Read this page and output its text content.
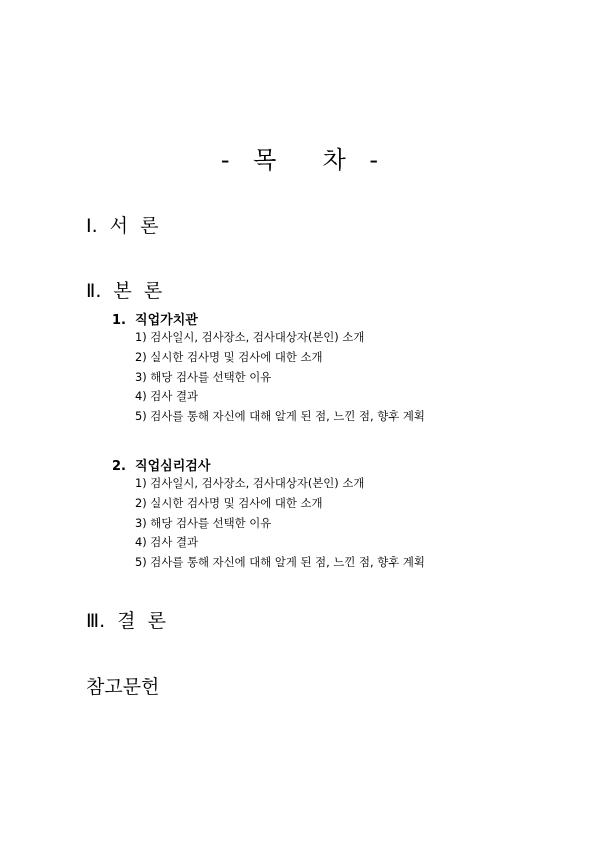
- 목  차 -
Ⅰ. 서 론
Ⅱ. 본 론
1.  직업가치관
1) 검사일시, 검사장소, 검사대상자(본인) 소개
2) 실시한 검사명 및 검사에 대한 소개
3) 해당 검사를 선택한 이유
4) 검사 결과
5) 검사를 통해 자신에 대해 알게 된 점, 느낀 점, 향후 계획
2.  직업심리검사
1) 검사일시, 검사장소, 검사대상자(본인) 소개
2) 실시한 검사명 및 검사에 대한 소개
3) 해당 검사를 선택한 이유
4) 검사 결과
5) 검사를 통해 자신에 대해 알게 된 점, 느낀 점, 향후 계획
Ⅲ. 결 론
참고문헌
